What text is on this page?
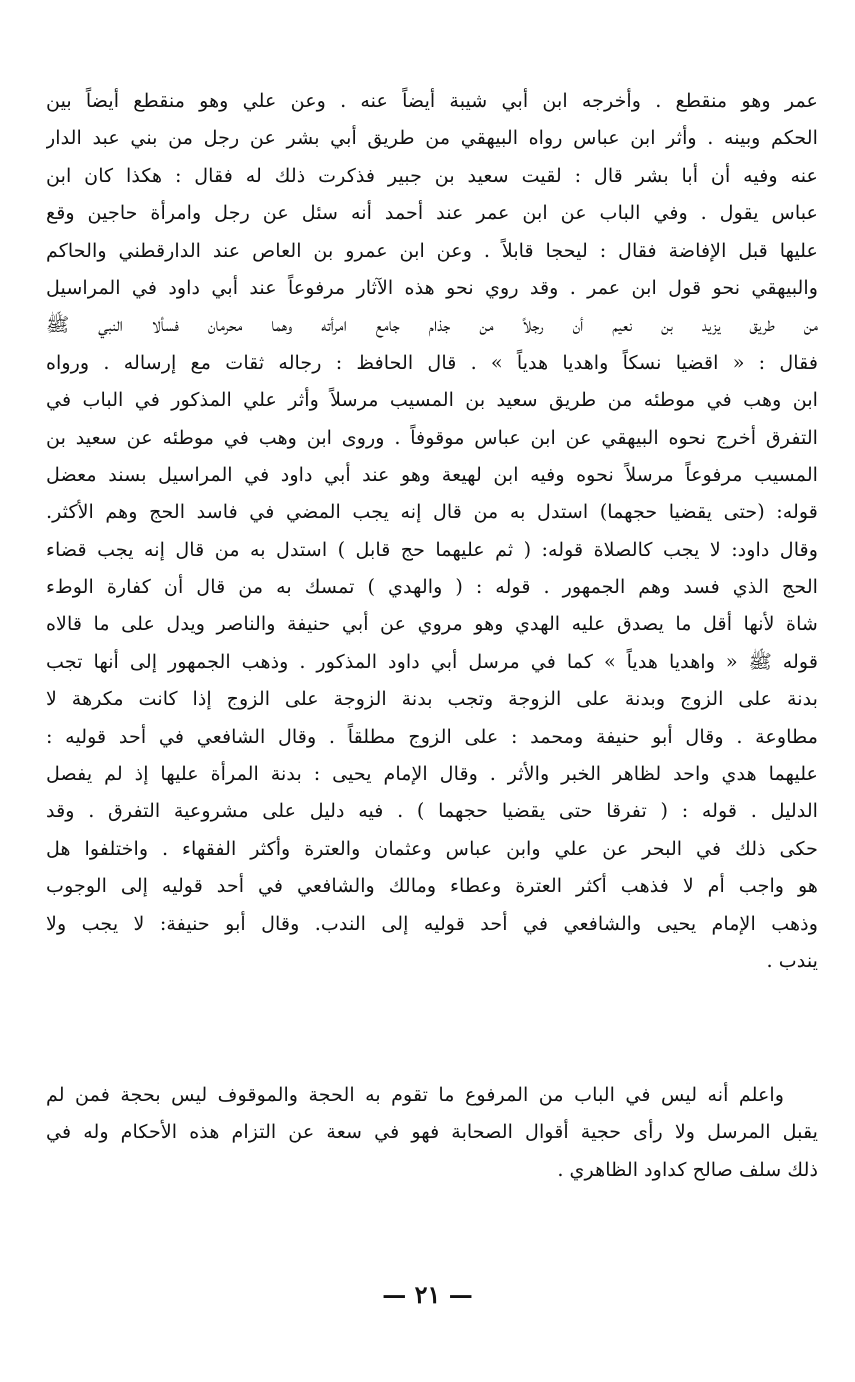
عمر وهو منقطع . وأخرجه ابن أبي شيبة أيضاً عنه . وعن علي وهو منقطع أيضاً بين
الحكم وبينه . وأثر ابن عباس رواه البيهقي من طريق أبي بشر عن رجل من بني عبد الدار
عنه وفيه أن أبا بشر قال : لقيت سعيد بن جبير فذكرت ذلك له فقال : هكذا كان ابن
عباس يقول . وفي الباب عن ابن عمر عند أحمد أنه سئل عن رجل وامرأة حاجين وقع
عليها قبل الإفاضة فقال : ليحجا قابلاً . وعن ابن عمرو بن العاص عند الدارقطني والحاكم
والبيهقي نحو قول ابن عمر . وقد روي نحو هذه الآثار مرفوعاً عند أبي داود في المراسيل
من طريق يزيد بن نعيم أن رجلاً من جذام جامع امرأته وهما محرمان فسألا النبي ﷺ
فقال : « اقضيا نسكاً واهديا هدياً » . قال الحافظ : رجاله ثقات مع إرساله . ورواه
ابن وهب في موطئه من طريق سعيد بن المسيب مرسلاً وأثر علي المذكور في الباب في
التفرق أخرج نحوه البيهقي عن ابن عباس موقوفاً . وروى ابن وهب في موطئه عن سعيد بن
المسيب مرفوعاً مرسلاً نحوه وفيه ابن لهيعة وهو عند أبي داود في المراسيل بسند معضل
قوله: (حتى يقضيا حجهما) استدل به من قال إنه يجب المضي في فاسد الحج وهم الأكثر.
وقال داود: لا يجب كالصلاة قوله: ( ثم عليهما حج قابل ) استدل به من قال إنه يجب قضاء
الحج الذي فسد وهم الجمهور . قوله : ( والهدي ) تمسك به من قال أن كفارة الوطء
شاة لأنها أقل ما يصدق عليه الهدي وهو مروي عن أبي حنيفة والناصر ويدل على ما قالاه
قوله ﷺ « واهديا هدياً » كما في مرسل أبي داود المذكور . وذهب الجمهور إلى أنها تجب
بدنة على الزوج وبدنة على الزوجة وتجب بدنة الزوجة على الزوج إذا كانت مكرهة لا
مطاوعة . وقال أبو حنيفة ومحمد : على الزوج مطلقاً . وقال الشافعي في أحد قوليه :
عليهما هدي واحد لظاهر الخبر والأثر . وقال الإمام يحيى : بدنة المرأة عليها إذ لم يفصل
الدليل . قوله : ( تفرقا حتى يقضيا حجهما ) . فيه دليل على مشروعية التفرق . وقد
حكى ذلك في البحر عن علي وابن عباس وعثمان والعترة وأكثر الفقهاء . واختلفوا هل
هو واجب أم لا فذهب أكثر العترة وعطاء ومالك والشافعي في أحد قوليه إلى الوجوب
وذهب الإمام يحيى والشافعي في أحد قوليه إلى الندب. وقال أبو حنيفة: لا يجب ولا
يندب .
واعلم أنه ليس في الباب من المرفوع ما تقوم به الحجة والموقوف ليس بحجة فمن لم
يقبل المرسل ولا رأى حجية أقوال الصحابة فهو في سعة عن التزام هذه الأحكام وله في
ذلك سلف صالح كداود الظاهري .
— ٢١ —
